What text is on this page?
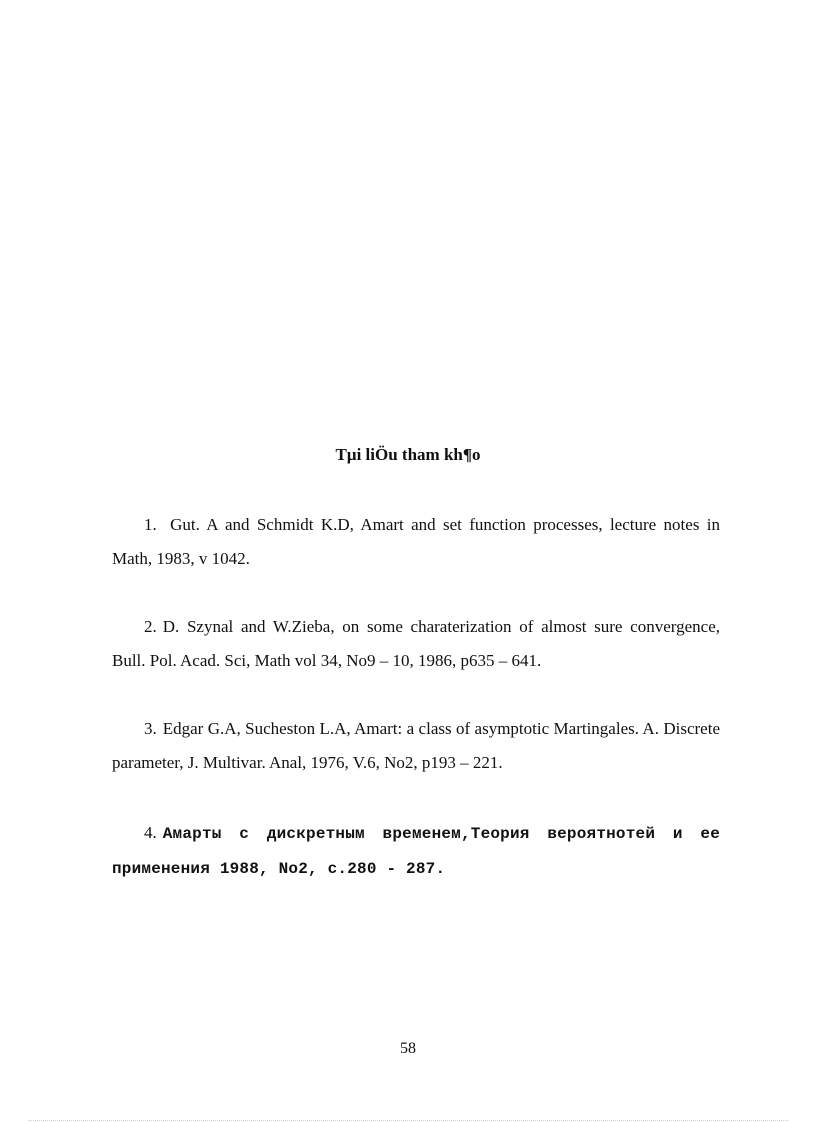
Tµi liÖu tham kh¶o

1. Gut. A and Schmidt K.D, Amart and set function processes, lecture notes in Math, 1983, v 1042.

2. D. Szynal and W.Zieba, on some charaterization of almost sure convergence, Bull. Pol. Acad. Sci, Math vol 34, No9 – 10, 1986, p635 – 641.

3. Edgar G.A, Sucheston L.A, Amart: a class of asymptotic Martingales. A. Discrete parameter, J. Multivar. Anal, 1976, V.6, No2, p193 – 221.

4. Амарты с дискретным временем,Теория вероятнотей и ее применения 1988, No2, с.280 - 287.

58
